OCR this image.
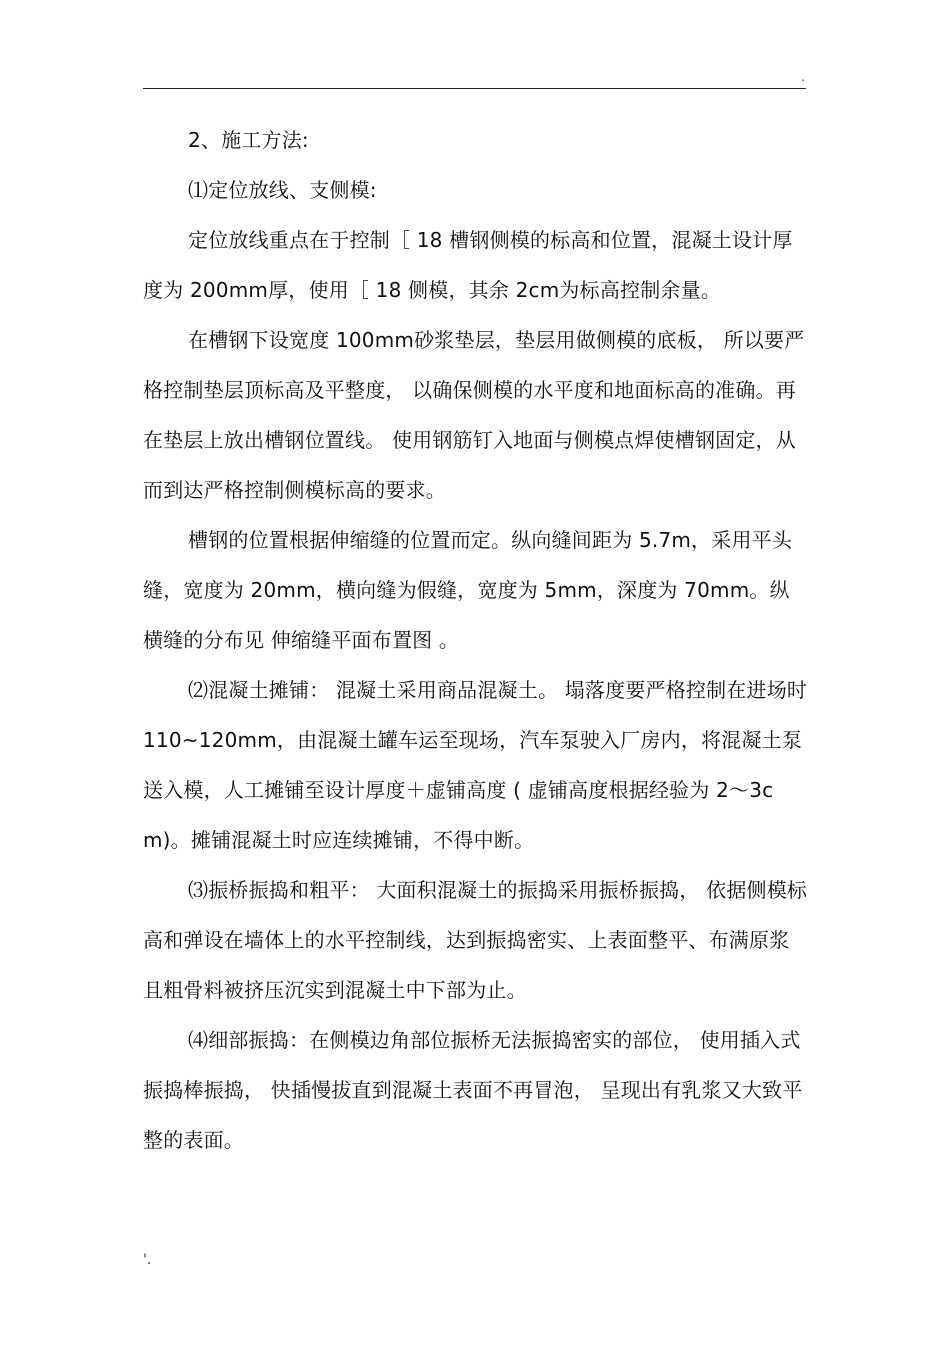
.

2、施工方法:

⑴定位放线、支侧模:

定位放线重点在于控制［ 18 槽钢侧模的标高和位置，混凝土设计厚度为 200mm厚，使用［ 18 侧模，其余 2cm为标高控制余量。

在槽钢下设宽度 100mm砂浆垫层，垫层用做侧模的底板， 所以要严格控制垫层顶标高及平整度， 以确保侧模的水平度和地面标高的准确。再在垫层上放出槽钢位置线。 使用钢筋钉入地面与侧模点焊使槽钢固定，从而到达严格控制侧模标高的要求。

槽钢的位置根据伸缩缝的位置而定。纵向缝间距为 5.7m，采用平头缝，宽度为 20mm，横向缝为假缝，宽度为 5mm，深度为 70mm。纵横缝的分布见 伸缩缝平面布置图 。

⑵混凝土摊铺： 混凝土采用商品混凝土。 塌落度要严格控制在进场时 110~120mm，由混凝土罐车运至现场，汽车泵驶入厂房内，将混凝土泵送入模，人工摊铺至设计厚度＋虚铺高度 ( 虚铺高度根据经验为 2～3cm)。摊铺混凝土时应连续摊铺，不得中断。

⑶振桥振捣和粗平： 大面积混凝土的振捣采用振桥振捣， 依据侧模标高和弹设在墙体上的水平控制线，达到振捣密实、上表面整平、布满原浆且粗骨料被挤压沉实到混凝土中下部为止。

⑷细部振捣：在侧模边角部位振桥无法振捣密实的部位， 使用插入式振捣棒振捣， 快插慢拔直到混凝土表面不再冒泡， 呈现出有乳浆又大致平整的表面。

'.
